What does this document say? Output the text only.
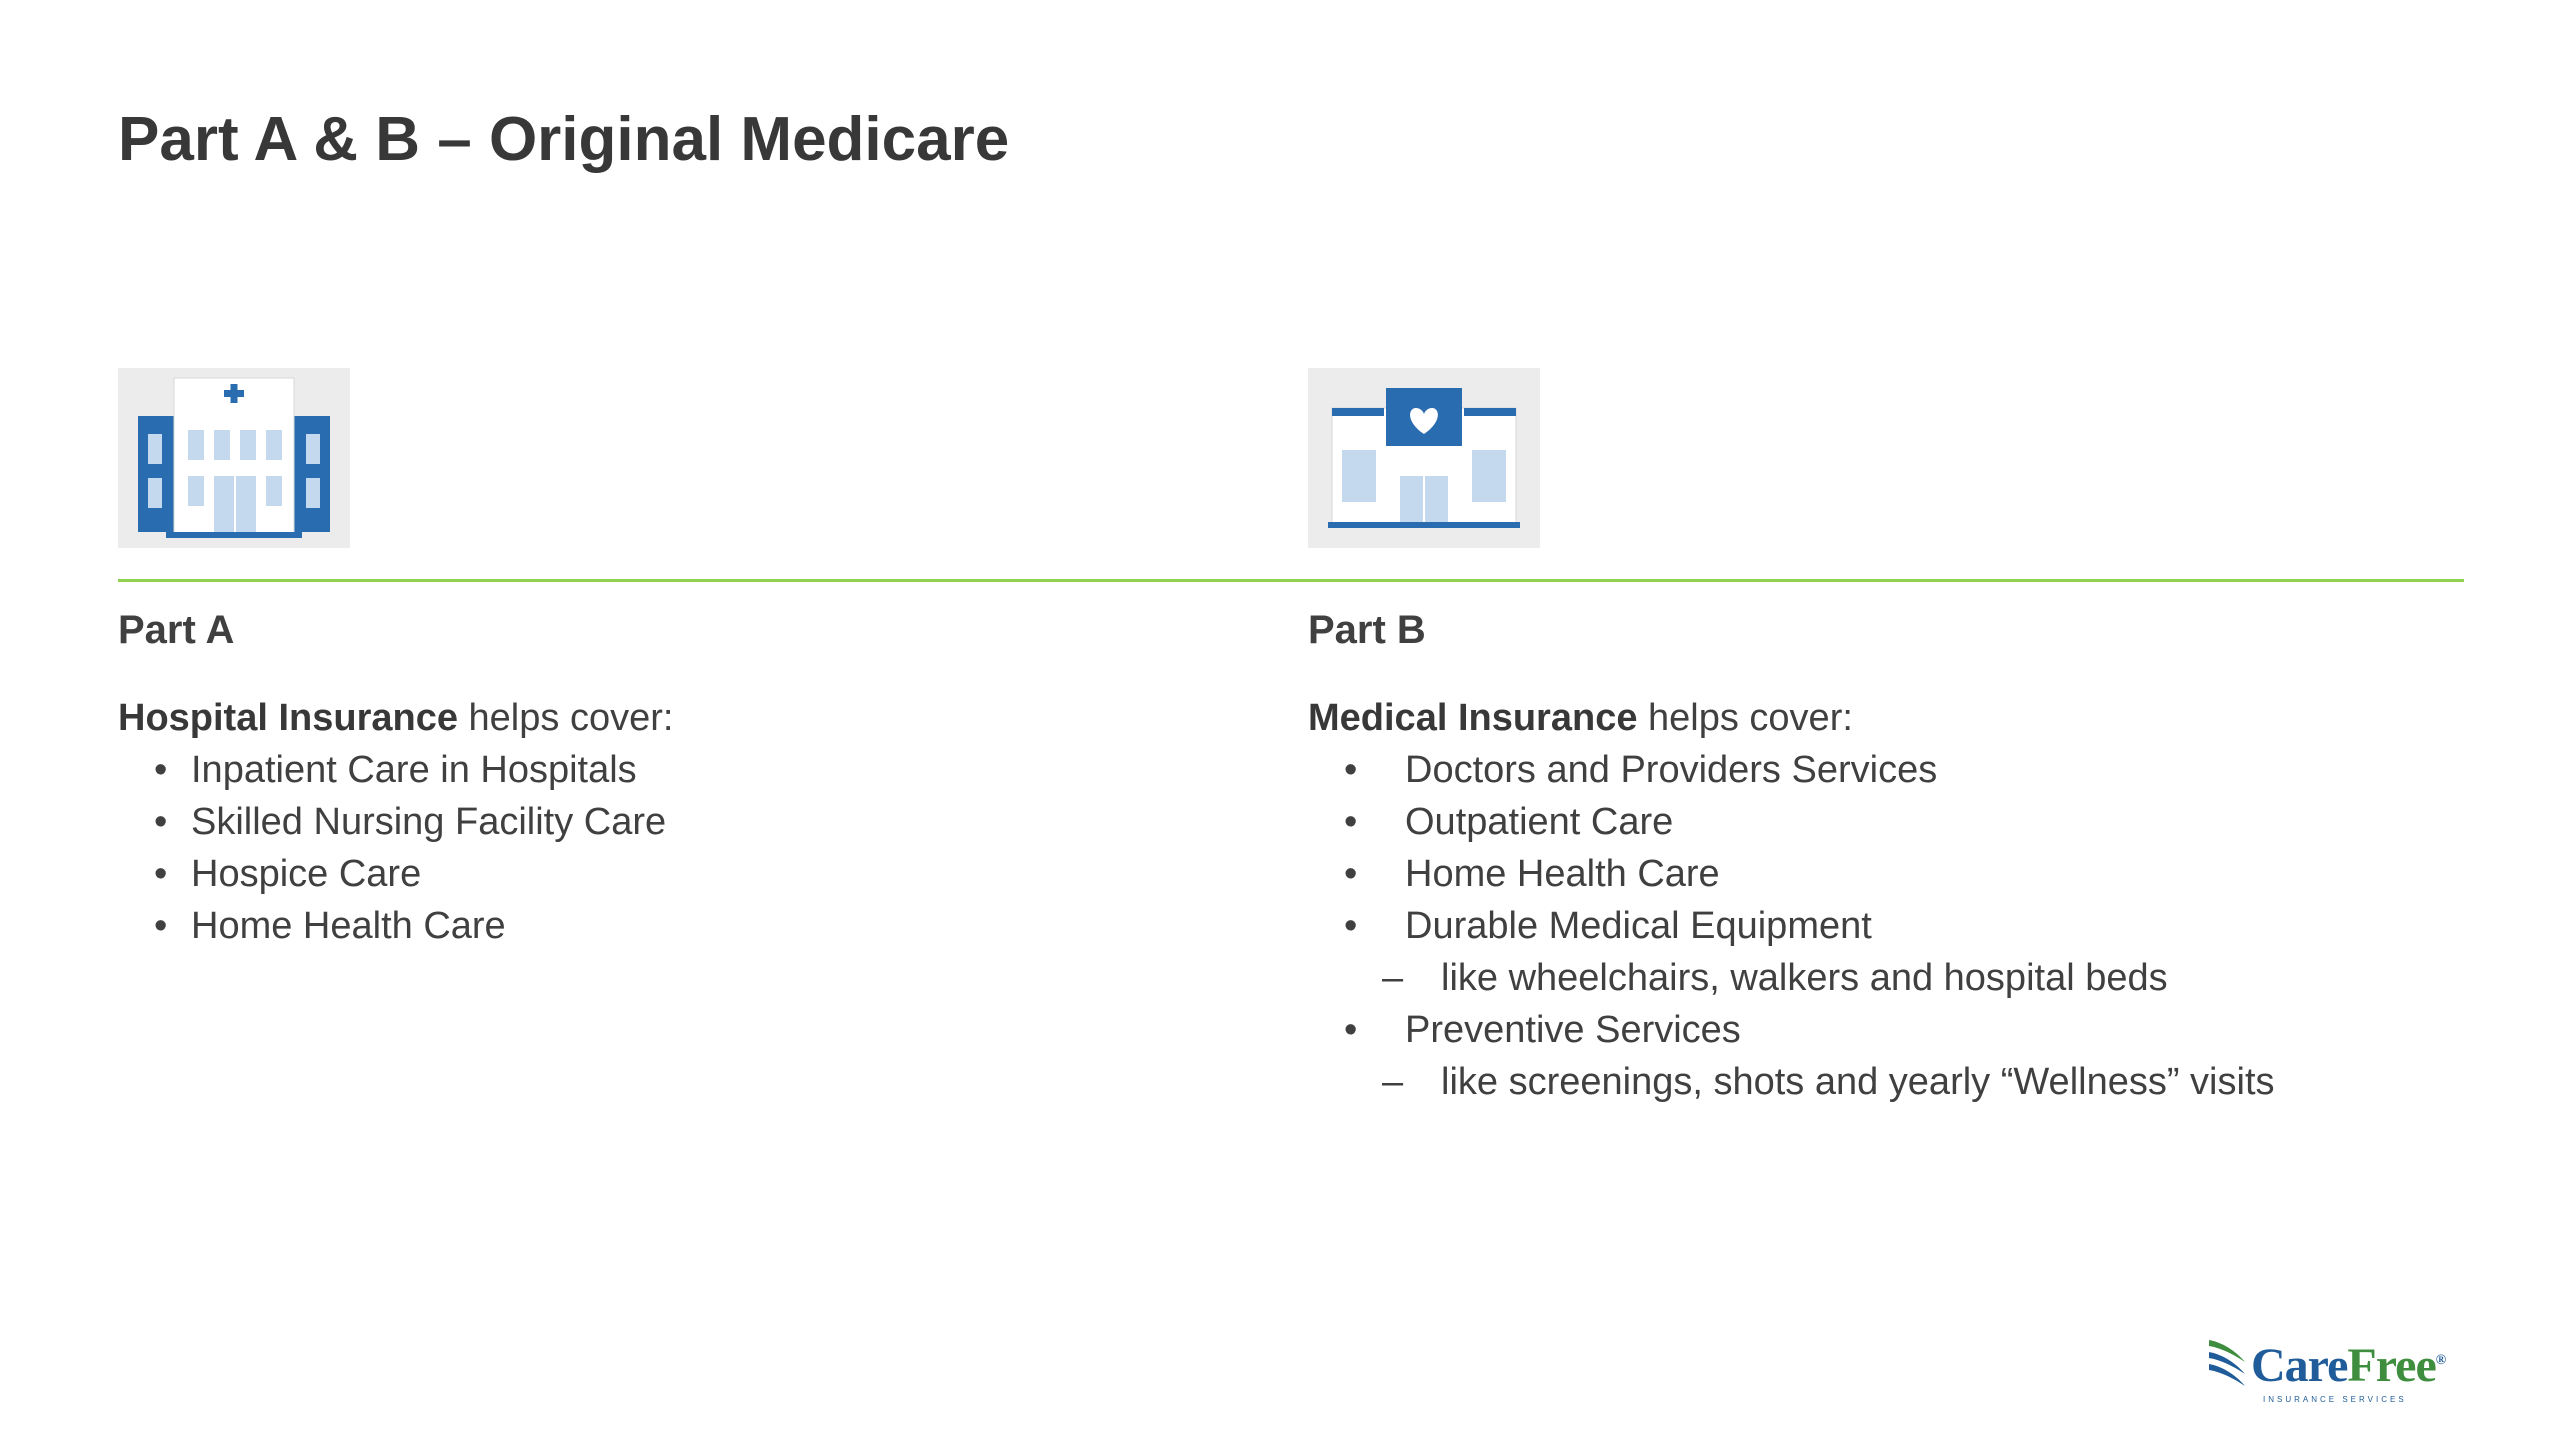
Part A & B – Original Medicare
Part A
Hospital Insurance helps cover:
• Inpatient Care in Hospitals
• Skilled Nursing Facility Care
• Hospice Care
• Home Health Care
Part B
Medical Insurance helps cover:
• Doctors and Providers Services
• Outpatient Care
• Home Health Care
• Durable Medical Equipment
– like wheelchairs, walkers and hospital beds
• Preventive Services
– like screenings, shots and yearly “Wellness” visits
CareFree®
INSURANCE SERVICES
